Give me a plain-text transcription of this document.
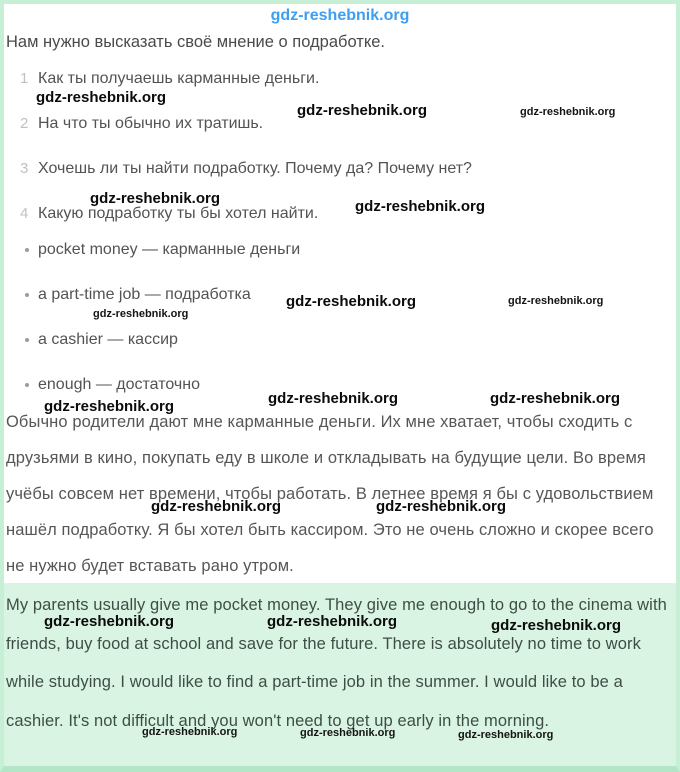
Нам нужно высказать своё мнение о подработке.

1 Как ты получаешь карманные деньги.
2 На что ты обычно их тратишь.
3 Хочешь ли ты найти подработку. Почему да? Почему нет?
4 Какую подработку ты бы хотел найти.
pocket money — карманные деньги
a part-time job — подработка
a cashier — кассир
enough — достаточно

Обычно родители дают мне карманные деньги. Их мне хватает, чтобы сходить с друзьями в кино, покупать еду в школе и откладывать на будущие цели. Во время учёбы совсем нет времени, чтобы работать. В летнее время я бы с удовольствием нашёл подработку. Я бы хотел быть кассиром. Это не очень сложно и скорее всего не нужно будет вставать рано утром.

My parents usually give me pocket money. They give me enough to go to the cinema with friends, buy food at school and save for the future. There is absolutely no time to work while studying. I would like to find a part-time job in the summer. I would like to be a cashier. It's not difficult and you won't need to get up early in the morning.

gdz-reshebnik.org
gdz-reshebnik.org
gdz-reshebnik.org	gdz-reshebnik.org
gdz-reshebnik.org	gdz-reshebnik.org
gdz-reshebnik.org	gdz-reshebnik.org
gdz-reshebnik.org
gdz-reshebnik.org	gdz-reshebnik.org
gdz-reshebnik.org
gdz-reshebnik.org	gdz-reshebnik.org
gdz-reshebnik.org	gdz-reshebnik.org	gdz-reshebnik.org
gdz-reshebnik.org	gdz-reshebnik.org	gdz-reshebnik.org
